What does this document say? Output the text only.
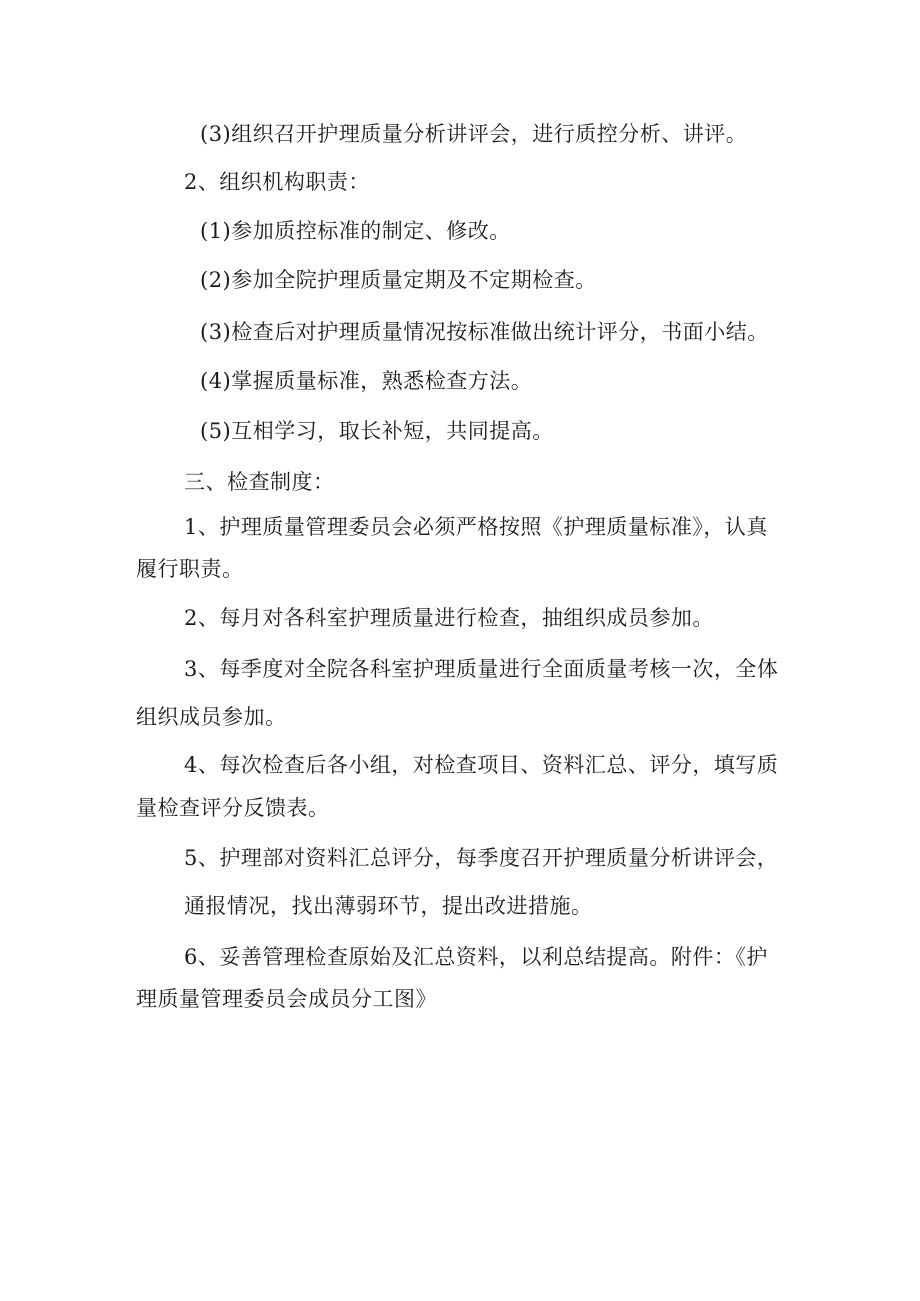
(3)组织召开护理质量分析讲评会，进行质控分析、讲评。
2、组织机构职责：
(1)参加质控标准的制定、修改。
(2)参加全院护理质量定期及不定期检查。
(3)检查后对护理质量情况按标准做出统计评分，书面小结。
(4)掌握质量标准，熟悉检查方法。
(5)互相学习，取长补短，共同提高。
三、检查制度：
1、护理质量管理委员会必须严格按照《护理质量标准》，认真
履行职责。
2、每月对各科室护理质量进行检查，抽组织成员参加。
3、每季度对全院各科室护理质量进行全面质量考核一次，全体
组织成员参加。
4、每次检查后各小组，对检查项目、资料汇总、评分，填写质
量检查评分反馈表。
5、护理部对资料汇总评分，每季度召开护理质量分析讲评会，
通报情况，找出薄弱环节，提出改进措施。
6、妥善管理检查原始及汇总资料，以利总结提高。附件：《护
理质量管理委员会成员分工图》
